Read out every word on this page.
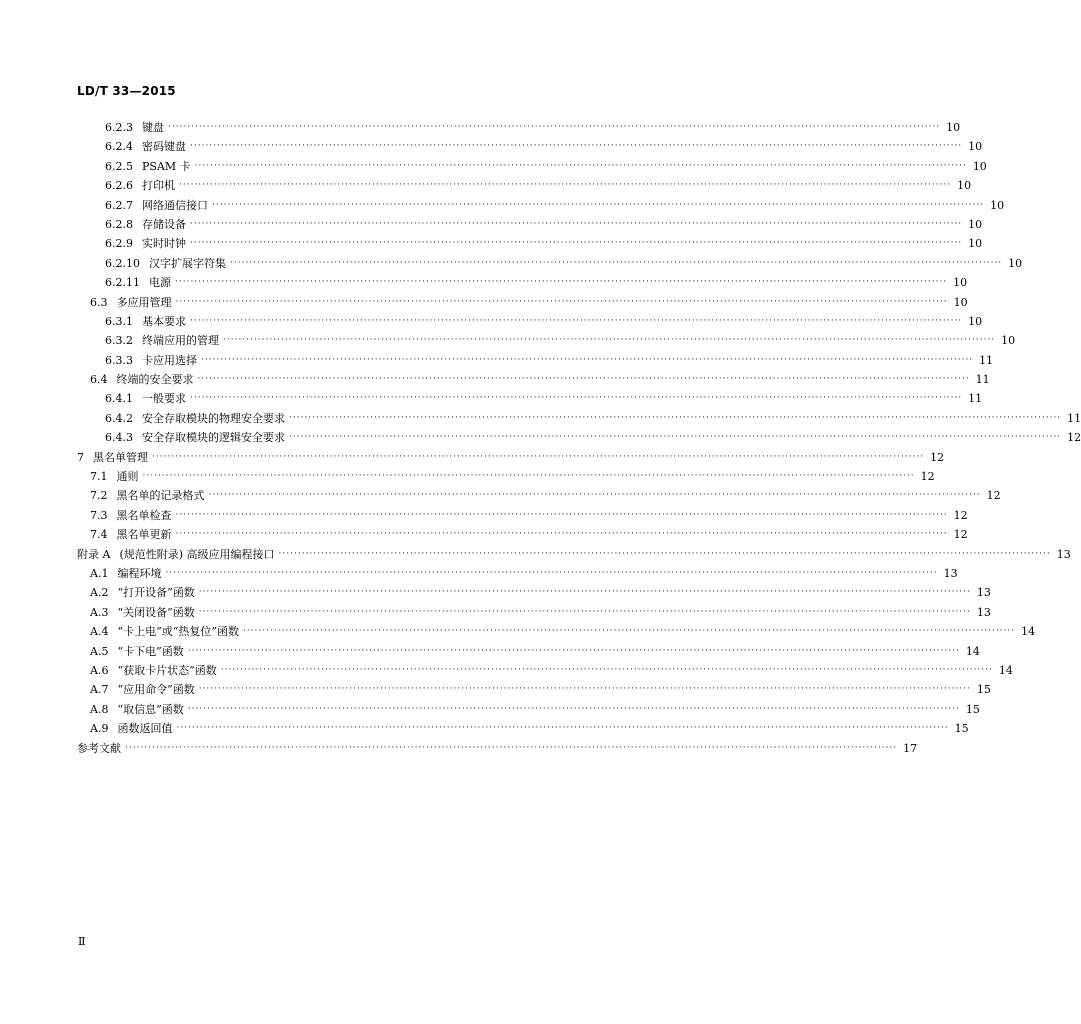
LD/T 33—2015
6.2.3 键盘 ········································································································································································································ 10
6.2.4 密码键盘 ········································································································································································································ 10
6.2.5 PSAM 卡 ········································································································································································································ 10
6.2.6 打印机 ········································································································································································································ 10
6.2.7 网络通信接口 ········································································································································································································ 10
6.2.8 存储设备 ········································································································································································································ 10
6.2.9 实时时钟 ········································································································································································································ 10
6.2.10 汉字扩展字符集 ········································································································································································································ 10
6.2.11 电源 ········································································································································································································ 10
6.3 多应用管理 ········································································································································································································ 10
6.3.1 基本要求 ········································································································································································································ 10
6.3.2 终端应用的管理 ········································································································································································································ 10
6.3.3 卡应用选择 ········································································································································································································ 11
6.4 终端的安全要求 ········································································································································································································ 11
6.4.1 一般要求 ········································································································································································································ 11
6.4.2 安全存取模块的物理安全要求 ········································································································································································································ 11
6.4.3 安全存取模块的逻辑安全要求 ········································································································································································································ 12
7 黑名单管理 ········································································································································································································ 12
7.1 通则 ········································································································································································································ 12
7.2 黑名单的记录格式 ········································································································································································································ 12
7.3 黑名单检查 ········································································································································································································ 12
7.4 黑名单更新 ········································································································································································································ 12
附录 A (规范性附录) 高级应用编程接口 ········································································································································································································ 13
A.1 编程环境 ········································································································································································································ 13
A.2 “打开设备”函数 ········································································································································································································ 13
A.3 “关闭设备”函数 ········································································································································································································ 13
A.4 “卡上电”或“热复位”函数 ········································································································································································································ 14
A.5 “卡下电”函数 ········································································································································································································ 14
A.6 “获取卡片状态”函数 ········································································································································································································ 14
A.7 “应用命令”函数 ········································································································································································································ 15
A.8 “取信息”函数 ········································································································································································································ 15
A.9 函数返回值 ········································································································································································································ 15
参考文献 ········································································································································································································ 17
Ⅱ
